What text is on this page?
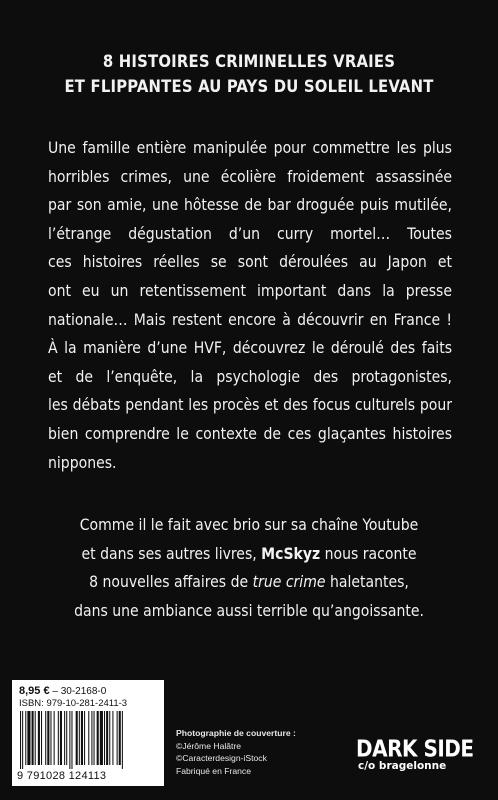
8 HISTOIRES CRIMINELLES VRAIES
ET FLIPPANTES AU PAYS DU SOLEIL LEVANT
Une famille entière manipulée pour commettre les plus
horribles crimes, une écolière froidement assassinée
par son amie, une hôtesse de bar droguée puis mutilée,
l’étrange dégustation d’un curry mortel… Toutes
ces histoires réelles se sont déroulées au Japon et
ont eu un retentissement important dans la presse
nationale… Mais restent encore à découvrir en France !
À la manière d’une HVF, découvrez le déroulé des faits
et de l’enquête, la psychologie des protagonistes,
les débats pendant les procès et des focus culturels pour
bien comprendre le contexte de ces glaçantes histoires
nippones.
Comme il le fait avec brio sur sa chaîne Youtube
et dans ses autres livres, McSkyz nous raconte
8 nouvelles affaires de true crime haletantes,
dans une ambiance aussi terrible qu’angoissante.
8,95 € – 30-2168-0
ISBN: 979-10-281-2411-3
9 791028 124113
Photographie de couverture :
©Jérôme Halâtre
©Caracterdesign-iStock
Fabriqué en France
DARK SIDE
c/o bragelonne
